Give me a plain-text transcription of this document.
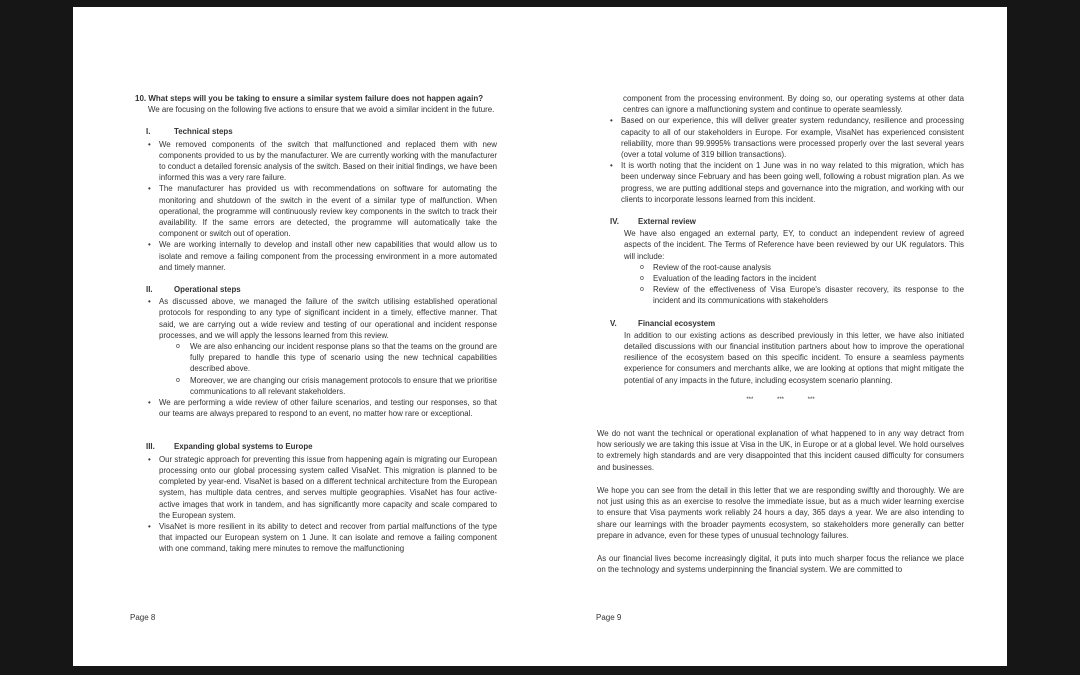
10. What steps will you be taking to ensure a similar system failure does not happen again?
We are focusing on the following five actions to ensure that we avoid a similar incident in the future.
I.	Technical steps
• We removed components of the switch that malfunctioned and replaced them with new components provided to us by the manufacturer. We are currently working with the manufacturer to conduct a detailed forensic analysis of the switch. Based on their initial findings, we have been informed this was a very rare failure.
• The manufacturer has provided us with recommendations on software for automating the monitoring and shutdown of the switch in the event of a similar type of malfunction. When operational, the programme will continuously review key components in the switch to track their availability. If the same errors are detected, the programme will automatically take the component or switch out of operation.
• We are working internally to develop and install other new capabilities that would allow us to isolate and remove a failing component from the processing environment in a more automated and timely manner.
II.	Operational steps
• As discussed above, we managed the failure of the switch utilising established operational protocols for responding to any type of significant incident in a timely, effective manner. That said, we are carrying out a wide review and testing of our operational and incident response processes, and we will apply the lessons learned from this review.
o We are also enhancing our incident response plans so that the teams on the ground are fully prepared to handle this type of scenario using the new technical capabilities described above.
o Moreover, we are changing our crisis management protocols to ensure that we prioritise communications to all relevant stakeholders.
• We are performing a wide review of other failure scenarios, and testing our responses, so that our teams are always prepared to respond to an event, no matter how rare or exceptional.
III. Expanding global systems to Europe
• Our strategic approach for preventing this issue from happening again is migrating our European processing onto our global processing system called VisaNet. This migration is planned to be completed by year-end. VisaNet is based on a different technical architecture from the European system, has multiple data centres, and serves multiple geographies. VisaNet has four active-active images that work in tandem, and has significantly more capacity and scale compared to the European system.
• VisaNet is more resilient in its ability to detect and recover from partial malfunctions of the type that impacted our European system on 1 June. It can isolate and remove a failing component with one command, taking mere minutes to remove the malfunctioning
component from the processing environment. By doing so, our operating systems at other data centres can ignore a malfunctioning system and continue to operate seamlessly.
• Based on our experience, this will deliver greater system redundancy, resilience and processing capacity to all of our stakeholders in Europe. For example, VisaNet has experienced consistent reliability, more than 99.9995% transactions were processed properly over the last several years (over a total volume of 319 billion transactions).
• It is worth noting that the incident on 1 June was in no way related to this migration, which has been underway since February and has been going well, following a robust migration plan. As we progress, we are putting additional steps and governance into the migration, and working with our clients to incorporate lessons learned from this incident.
IV. External review
We have also engaged an external party, EY, to conduct an independent review of agreed aspects of the incident. The Terms of Reference have been reviewed by our UK regulators. This will include:
o Review of the root-cause analysis
o Evaluation of the leading factors in the incident
o Review of the effectiveness of Visa Europe's disaster recovery, its response to the incident and its communications with stakeholders
V.	Financial ecosystem
In addition to our existing actions as described previously in this letter, we have also initiated detailed discussions with our financial institution partners about how to improve the operational resilience of the ecosystem based on this specific incident. To ensure a seamless payments experience for consumers and merchants alike, we are looking at options that might mitigate the potential of any impacts in the future, including ecosystem scenario planning.
*** *** ***
We do not want the technical or operational explanation of what happened to in any way detract from how seriously we are taking this issue at Visa in the UK, in Europe or at a global level. We hold ourselves to extremely high standards and are very disappointed that this incident caused difficulty for consumers and businesses.
We hope you can see from the detail in this letter that we are responding swiftly and thoroughly. We are not just using this as an exercise to resolve the immediate issue, but as a much wider learning exercise to ensure that Visa payments work reliably 24 hours a day, 365 days a year. We are also intending to share our learnings with the broader payments ecosystem, so stakeholders more generally can better prepare in advance, even for these types of unusual technology failures.
As our financial lives become increasingly digital, it puts into much sharper focus the reliance we place on the technology and systems underpinning the financial system. We are committed to
Page 8	Page 9
